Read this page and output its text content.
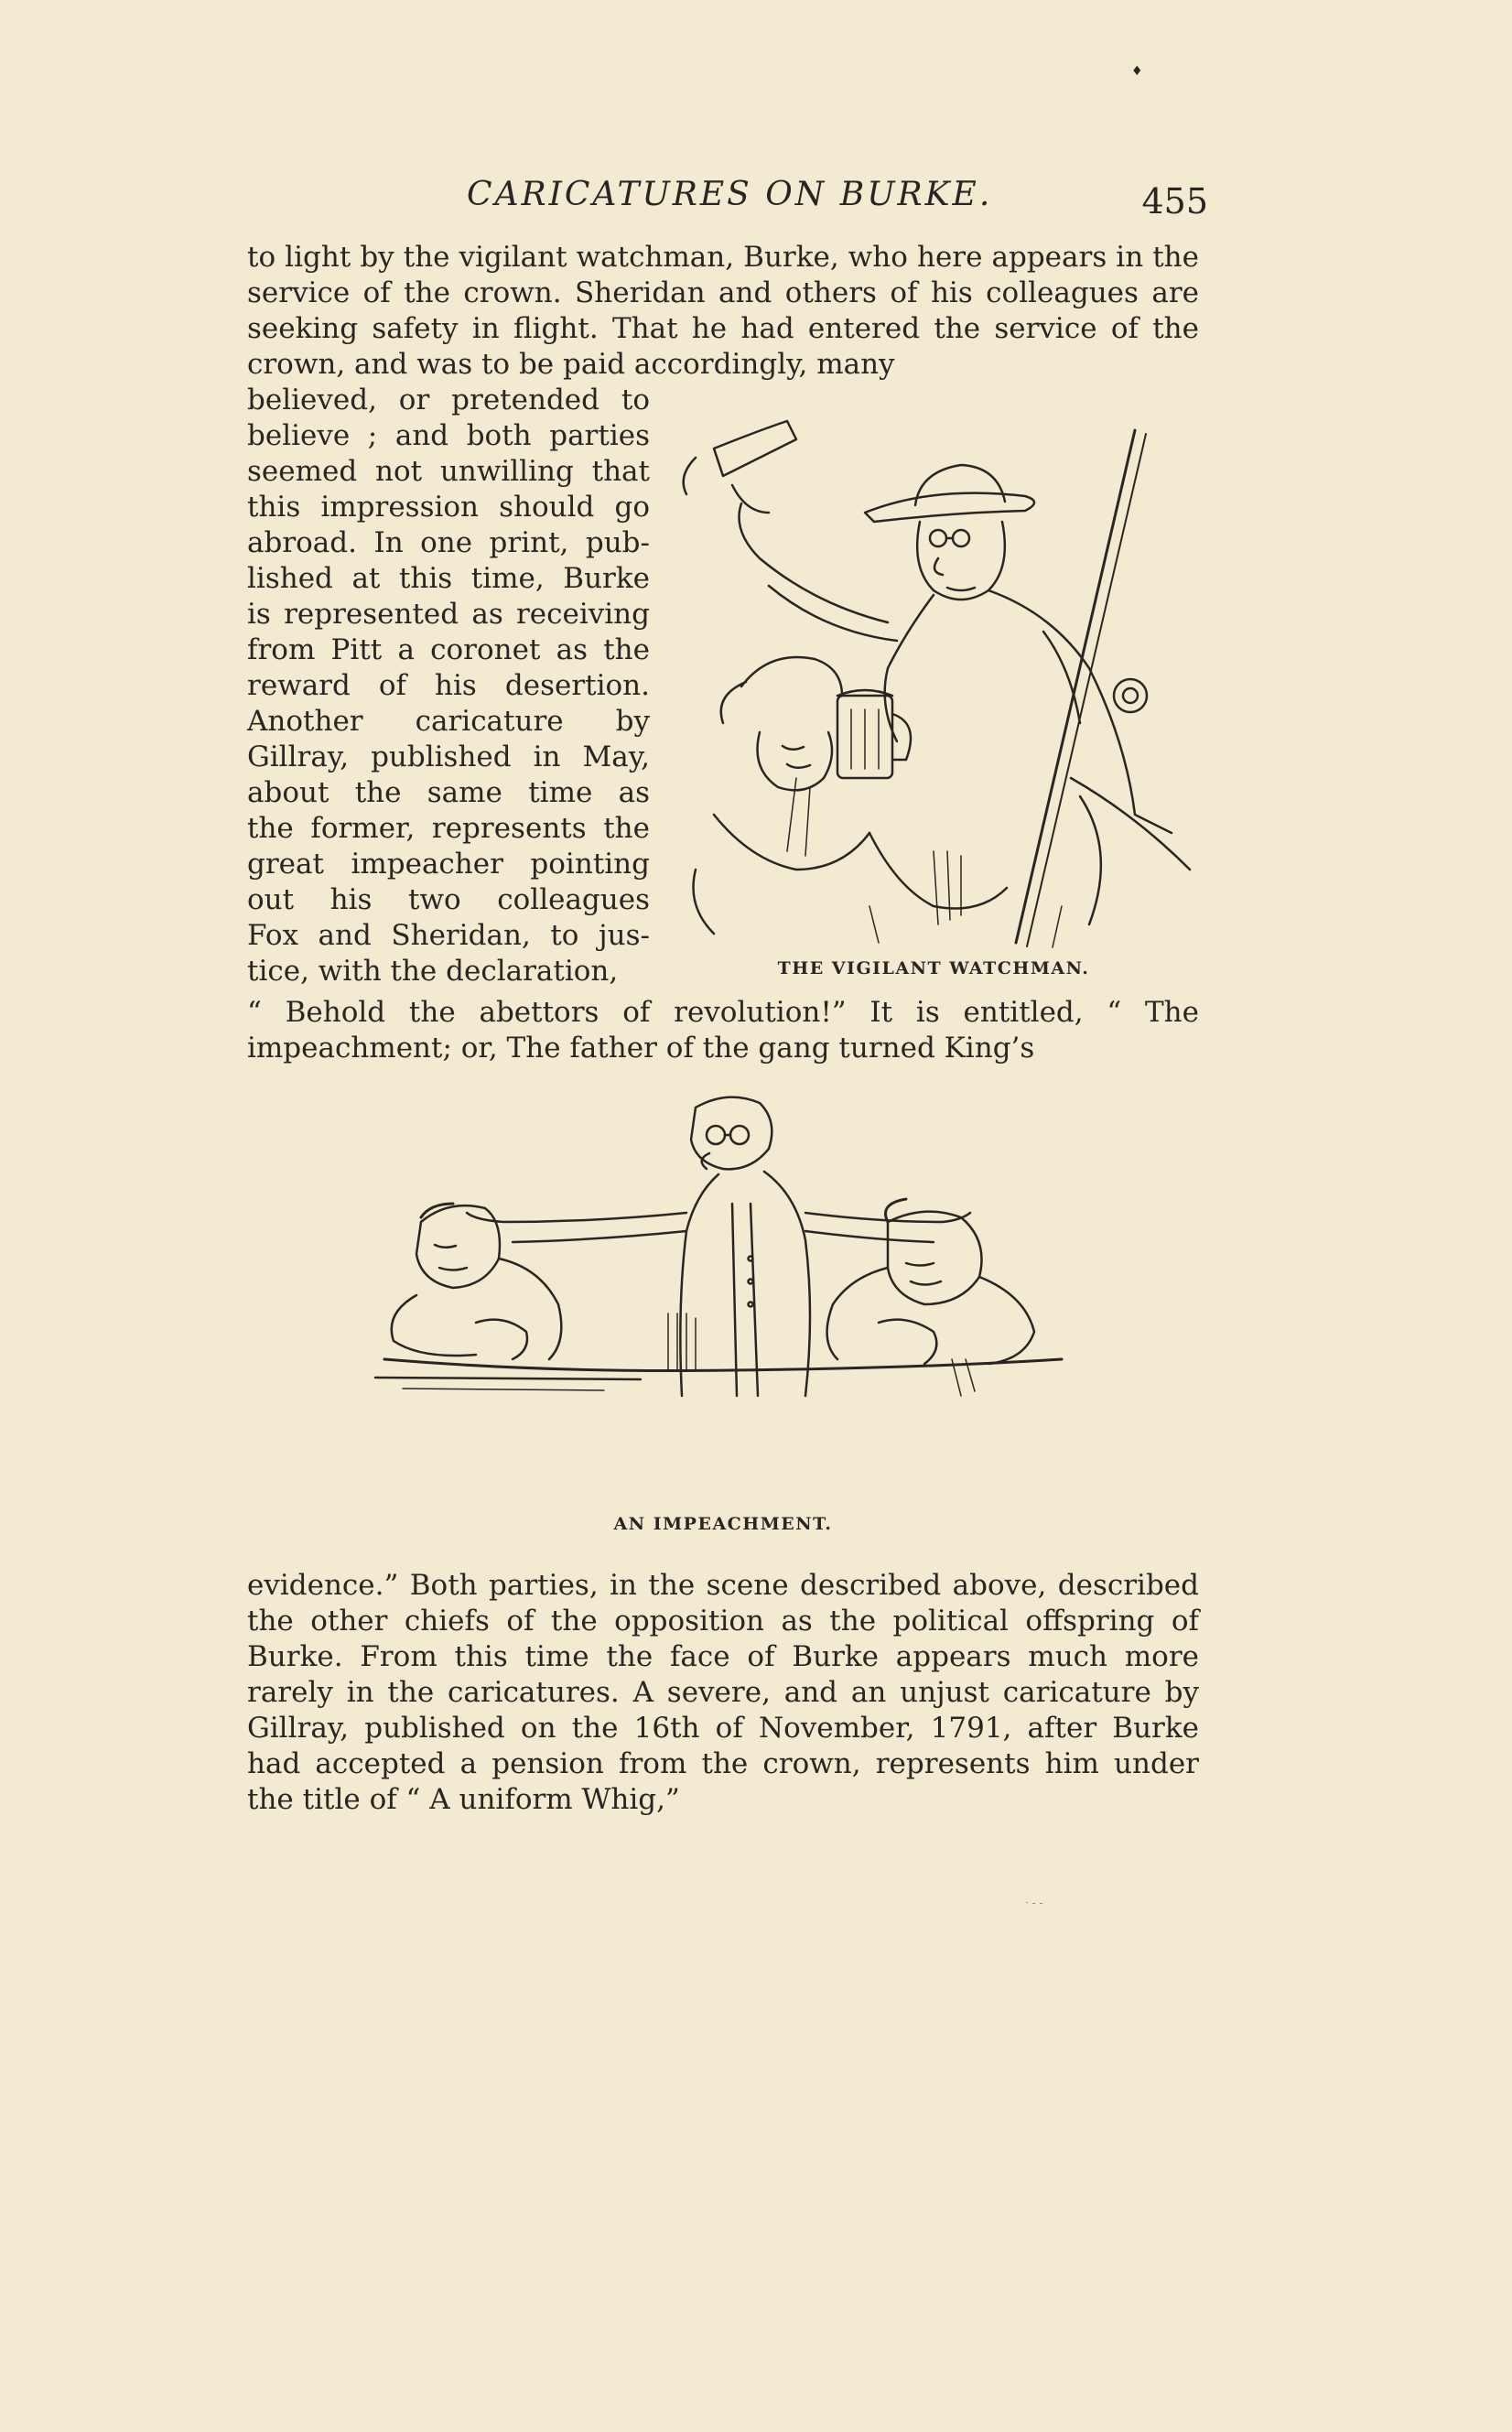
♦
CARICATURES ON BURKE.	455

to light by the vigilant watchman, Burke, who here appears in the service of the crown. Sheridan and others of his colleagues are seeking safety in flight. That he had entered the service of the crown, and was to be paid accordingly, many

believed, or pretended to
believe ; and both parties
seemed not unwilling that
this impression should go
abroad. In one print, pub-
lished at this time, Burke
is represented as receiving
from Pitt a coronet as the
reward of his desertion.
Another caricature by
Gillray, published in May,
about the same time as
the former, represents the
great impeacher pointing
out his two colleagues
Fox and Sheridan, to jus-
tice, with the declaration,	THE VIGILANT WATCHMAN.

“ Behold the abettors of revolution!” It is entitled, “ The impeachment; or, The father of the gang turned King’s

AN IMPEACHMENT.

evidence.” Both parties, in the scene described above, described the other chiefs of the opposition as the political offspring of Burke. From this time the face of Burke appears much more rarely in the caricatures. A severe, and an unjust caricature by Gillray, published on the 16th of November, 1791, after Burke had accepted a pension from the crown, represents him under the title of “ A uniform Whig,”

· - -
